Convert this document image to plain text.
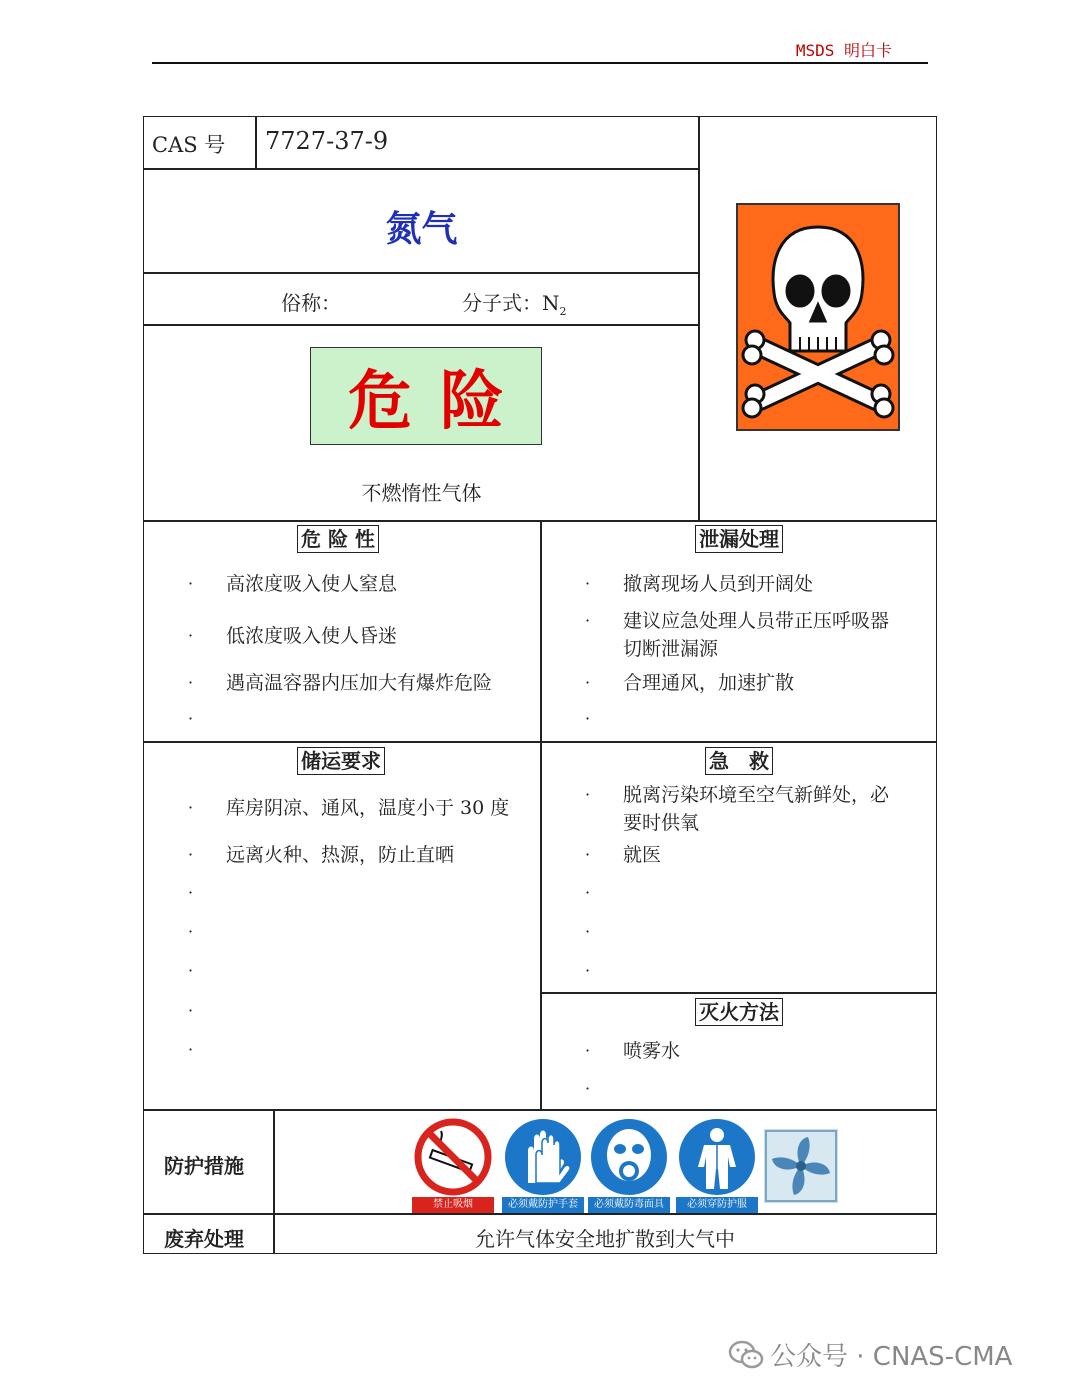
MSDS 明白卡
CAS 号 7727-37-9
氮气
俗称：	分子式：$N_2$
危险
不燃惰性气体
危 险 性
· 高浓度吸入使人窒息
· 低浓度吸入使人昏迷
· 遇高温容器内压加大有爆炸危险
·
泄漏处理
· 撤离现场人员到开阔处
· 建议应急处理人员带正压呼吸器
切断泄漏源
· 合理通风，加速扩散
·
储运要求
· 库房阴凉、通风，温度小于 30 度
· 远离火种、热源，防止直晒
·
·
·
·
·
急　救
· 脱离污染环境至空气新鲜处，必
要时供氧
· 就医
·
·
·
灭火方法
· 喷雾水
·
防护措施
禁止吸烟	必须戴防护手套	必须戴防毒面具	必须穿防护服
废弃处理	允许气体安全地扩散到大气中
公众号 · CNAS-CMA
